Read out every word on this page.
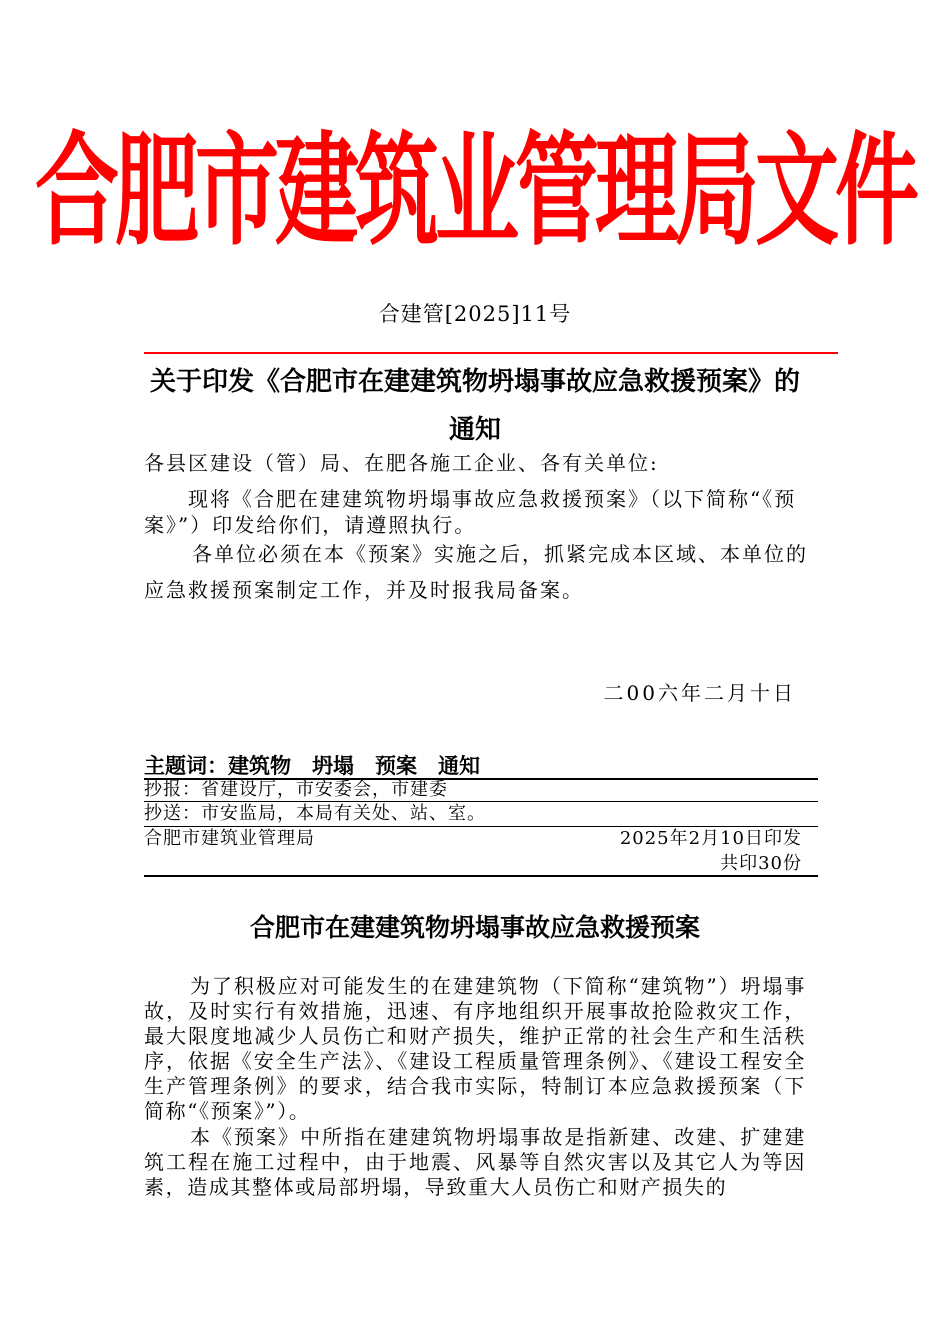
合肥市建筑业管理局文件
合建管[2025]11号
关于印发《合肥市在建建筑物坍塌事故应急救援预案》的通知
各县区建设（管）局、在肥各施工企业、各有关单位:
现将《合肥在建建筑物坍塌事故应急救援预案》（以下简称“《预案》”）印发给你们，请遵照执行。
各单位必须在本《预案》实施之后，抓紧完成本区域、本单位的应急救援预案制定工作，并及时报我局备案。
二00六年二月十日
主题词：建筑物　坍塌　预案　通知
抄报：省建设厅，市安委会，市建委
抄送：市安监局，本局有关处、站、室。
合肥市建筑业管理局	2025年2月10日印发
共印30份
合肥市在建建筑物坍塌事故应急救援预案
为了积极应对可能发生的在建建筑物（下简称“建筑物”）坍塌事故，及时实行有效措施，迅速、有序地组织开展事故抢险救灾工作，最大限度地减少人员伤亡和财产损失，维护正常的社会生产和生活秩序，依据《安全生产法》、《建设工程质量管理条例》、《建设工程安全生产管理条例》的要求，结合我市实际，特制订本应急救援预案（下简称“《预案》”）。
本《预案》中所指在建建筑物坍塌事故是指新建、改建、扩建建筑工程在施工过程中，由于地震、风暴等自然灾害以及其它人为等因素，造成其整体或局部坍塌，导致重大人员伤亡和财产损失的
